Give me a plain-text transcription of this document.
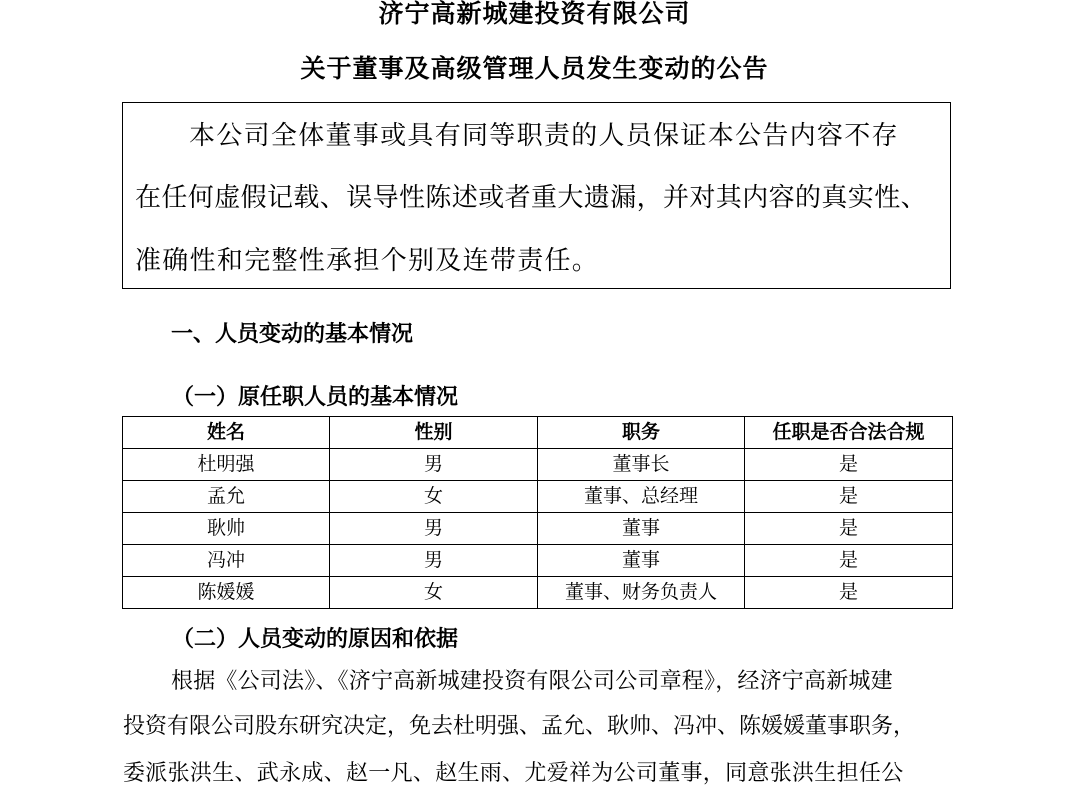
济宁高新城建投资有限公司
关于董事及高级管理人员发生变动的公告
本公司全体董事或具有同等职责的人员保证本公告内容不存
在任何虚假记载、误导性陈述或者重大遗漏，并对其内容的真实性、
准确性和完整性承担个别及连带责任。
一、人员变动的基本情况
（一）原任职人员的基本情况
姓名	性别	职务	任职是否合法合规
杜明强	男	董事长	是
孟允	女	董事、总经理	是
耿帅	男	董事	是
冯冲	男	董事	是
陈媛媛	女	董事、财务负责人	是
（二）人员变动的原因和依据
根据《公司法》、《济宁高新城建投资有限公司公司章程》，经济宁高新城建
投资有限公司股东研究决定，免去杜明强、孟允、耿帅、冯冲、陈媛媛董事职务，
委派张洪生、武永成、赵一凡、赵生雨、尤爱祥为公司董事，同意张洪生担任公
